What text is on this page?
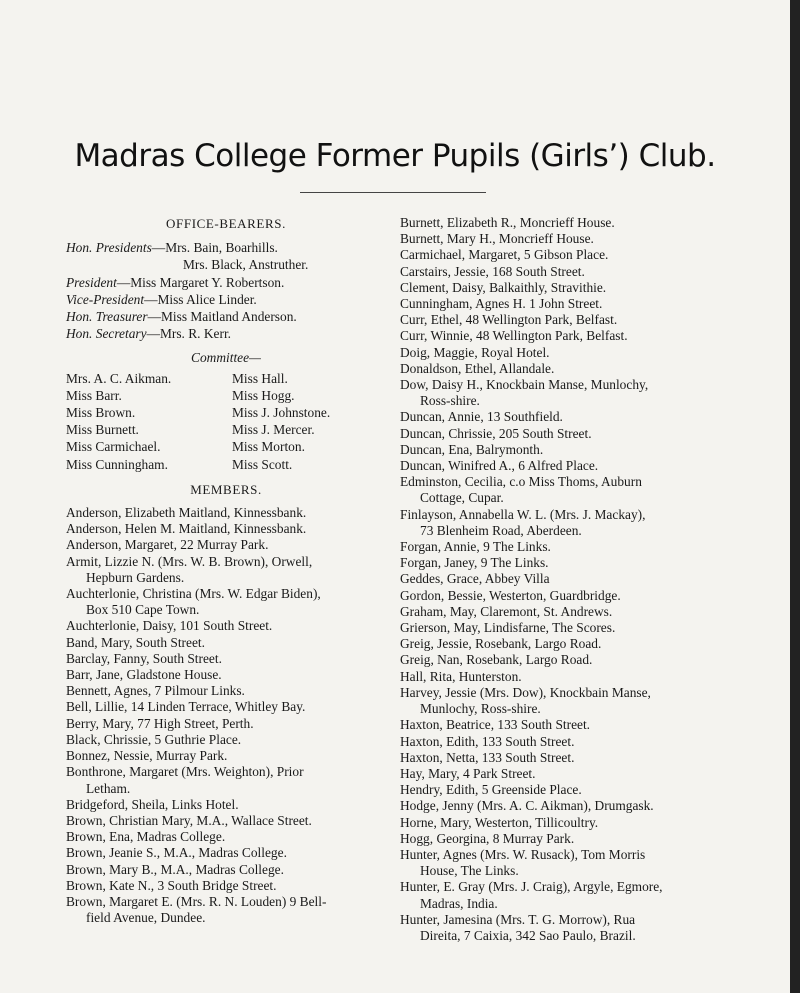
Madras College Former Pupils (Girls’) Club.
OFFICE-BEARERS.
Hon. Presidents—Mrs. Bain, Boarhills.
Mrs. Black, Anstruther.
President—Miss Margaret Y. Robertson.
Vice-President—Miss Alice Linder.
Hon. Treasurer—Miss Maitland Anderson.
Hon. Secretary—Mrs. R. Kerr.
Committee—
Mrs. A. C. Aikman.	Miss Hall.
Miss Barr.	Miss Hogg.
Miss Brown.	Miss J. Johnstone.
Miss Burnett.	Miss J. Mercer.
Miss Carmichael.	Miss Morton.
Miss Cunningham.	Miss Scott.
MEMBERS.
Anderson, Elizabeth Maitland, Kinnessbank.
Anderson, Helen M. Maitland, Kinnessbank.
Anderson, Margaret, 22 Murray Park.
Armit, Lizzie N. (Mrs. W. B. Brown), Orwell,
Hepburn Gardens.
Auchterlonie, Christina (Mrs. W. Edgar Biden),
Box 510 Cape Town.
Auchterlonie, Daisy, 101 South Street.
Band, Mary, South Street.
Barclay, Fanny, South Street.
Barr, Jane, Gladstone House.
Bennett, Agnes, 7 Pilmour Links.
Bell, Lillie, 14 Linden Terrace, Whitley Bay.
Berry, Mary, 77 High Street, Perth.
Black, Chrissie, 5 Guthrie Place.
Bonnez, Nessie, Murray Park.
Bonthrone, Margaret (Mrs. Weighton), Prior
Letham.
Bridgeford, Sheila, Links Hotel.
Brown, Christian Mary, M.A., Wallace Street.
Brown, Ena, Madras College.
Brown, Jeanie S., M.A., Madras College.
Brown, Mary B., M.A., Madras College.
Brown, Kate N., 3 South Bridge Street.
Brown, Margaret E. (Mrs. R. N. Louden) 9 Bell-
field Avenue, Dundee.
Burnett, Elizabeth R., Moncrieff House.
Burnett, Mary H., Moncrieff House.
Carmichael, Margaret, 5 Gibson Place.
Carstairs, Jessie, 168 South Street.
Clement, Daisy, Balkaithly, Stravithie.
Cunningham, Agnes H. 1 John Street.
Curr, Ethel, 48 Wellington Park, Belfast.
Curr, Winnie, 48 Wellington Park, Belfast.
Doig, Maggie, Royal Hotel.
Donaldson, Ethel, Allandale.
Dow, Daisy H., Knockbain Manse, Munlochy,
Ross-shire.
Duncan, Annie, 13 Southfield.
Duncan, Chrissie, 205 South Street.
Duncan, Ena, Balrymonth.
Duncan, Winifred A., 6 Alfred Place.
Edminston, Cecilia, c.o Miss Thoms, Auburn
Cottage, Cupar.
Finlayson, Annabella W. L. (Mrs. J. Mackay),
73 Blenheim Road, Aberdeen.
Forgan, Annie, 9 The Links.
Forgan, Janey, 9 The Links.
Geddes, Grace, Abbey Villa
Gordon, Bessie, Westerton, Guardbridge.
Graham, May, Claremont, St. Andrews.
Grierson, May, Lindisfarne, The Scores.
Greig, Jessie, Rosebank, Largo Road.
Greig, Nan, Rosebank, Largo Road.
Hall, Rita, Hunterston.
Harvey, Jessie (Mrs. Dow), Knockbain Manse,
Munlochy, Ross-shire.
Haxton, Beatrice, 133 South Street.
Haxton, Edith, 133 South Street.
Haxton, Netta, 133 South Street.
Hay, Mary, 4 Park Street.
Hendry, Edith, 5 Greenside Place.
Hodge, Jenny (Mrs. A. C. Aikman), Drumgask.
Horne, Mary, Westerton, Tillicoultry.
Hogg, Georgina, 8 Murray Park.
Hunter, Agnes (Mrs. W. Rusack), Tom Morris
House, The Links.
Hunter, E. Gray (Mrs. J. Craig), Argyle, Egmore,
Madras, India.
Hunter, Jamesina (Mrs. T. G. Morrow), Rua
Direita, 7 Caixia, 342 Sao Paulo, Brazil.
